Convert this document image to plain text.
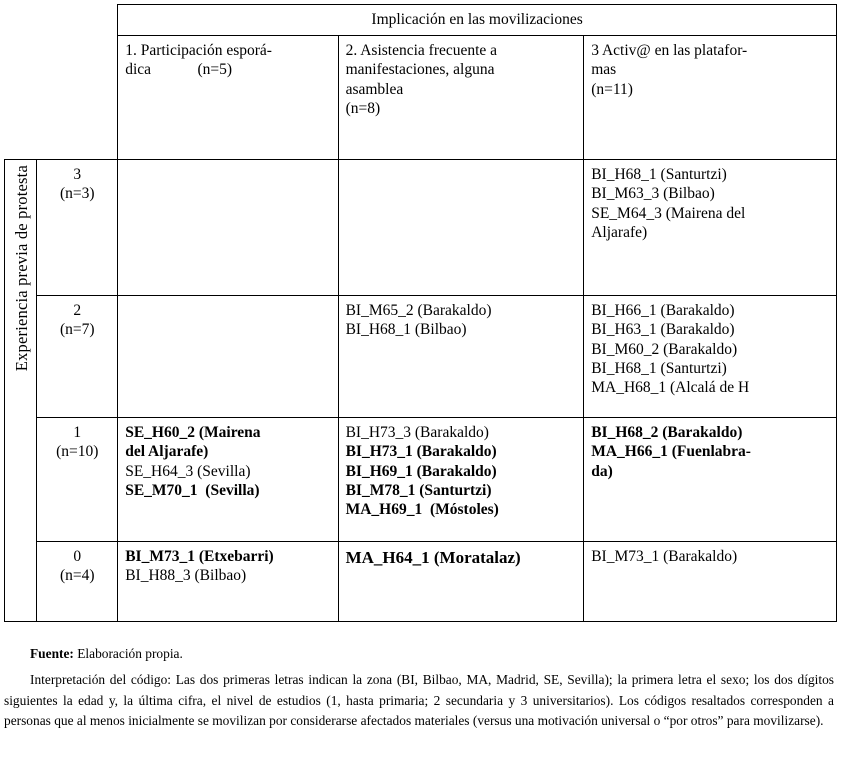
		Implicación en las movilizaciones		

		1. Participación esporá-
dica            (n=5)	2. Asistencia frecuente a
manifestaciones, alguna
asamblea
(n=8)	3 Activ@ en las platafor-
mas
(n=11)

Experiencia previa de protesta	3
(n=3)			BI_H68_1 (Santurtzi)
BI_M63_3 (Bilbao)
SE_M64_3 (Mairena del
Aljarafe)

	2
(n=7)		BI_M65_2 (Barakaldo)
BI_H68_1 (Bilbao)	BI_H66_1 (Barakaldo)
BI_H63_1 (Barakaldo)
BI_M60_2 (Barakaldo)
BI_H68_1 (Santurtzi)
MA_H68_1 (Alcalá de H

	1
(n=10)	SE_H60_2 (Mairena
del Aljarafe)
SE_H64_3 (Sevilla)
SE_M70_1  (Sevilla)	BI_H73_3 (Barakaldo)
BI_H73_1 (Barakaldo)
BI_H69_1 (Barakaldo)
BI_M78_1 (Santurtzi)
MA_H69_1  (Móstoles)	BI_H68_2 (Barakaldo)
MA_H66_1 (Fuenlabra-
da)

	0
(n=4)	BI_M73_1 (Etxebarri)
BI_H88_3 (Bilbao)	MA_H64_1 (Moratalaz)	BI_M73_1 (Barakaldo)

Fuente: Elaboración propia.

Interpretación del código: Las dos primeras letras indican la zona (BI, Bilbao, MA, Madrid, SE, Sevilla); la primera letra el sexo; los dos dígitos siguientes la edad y, la última cifra, el nivel de estudios (1, hasta primaria; 2 secundaria y 3 universitarios). Los códigos resaltados corresponden a personas que al menos inicialmente se movilizan por considerarse afectados materiales (versus una motivación universal o “por otros” para movilizarse).
